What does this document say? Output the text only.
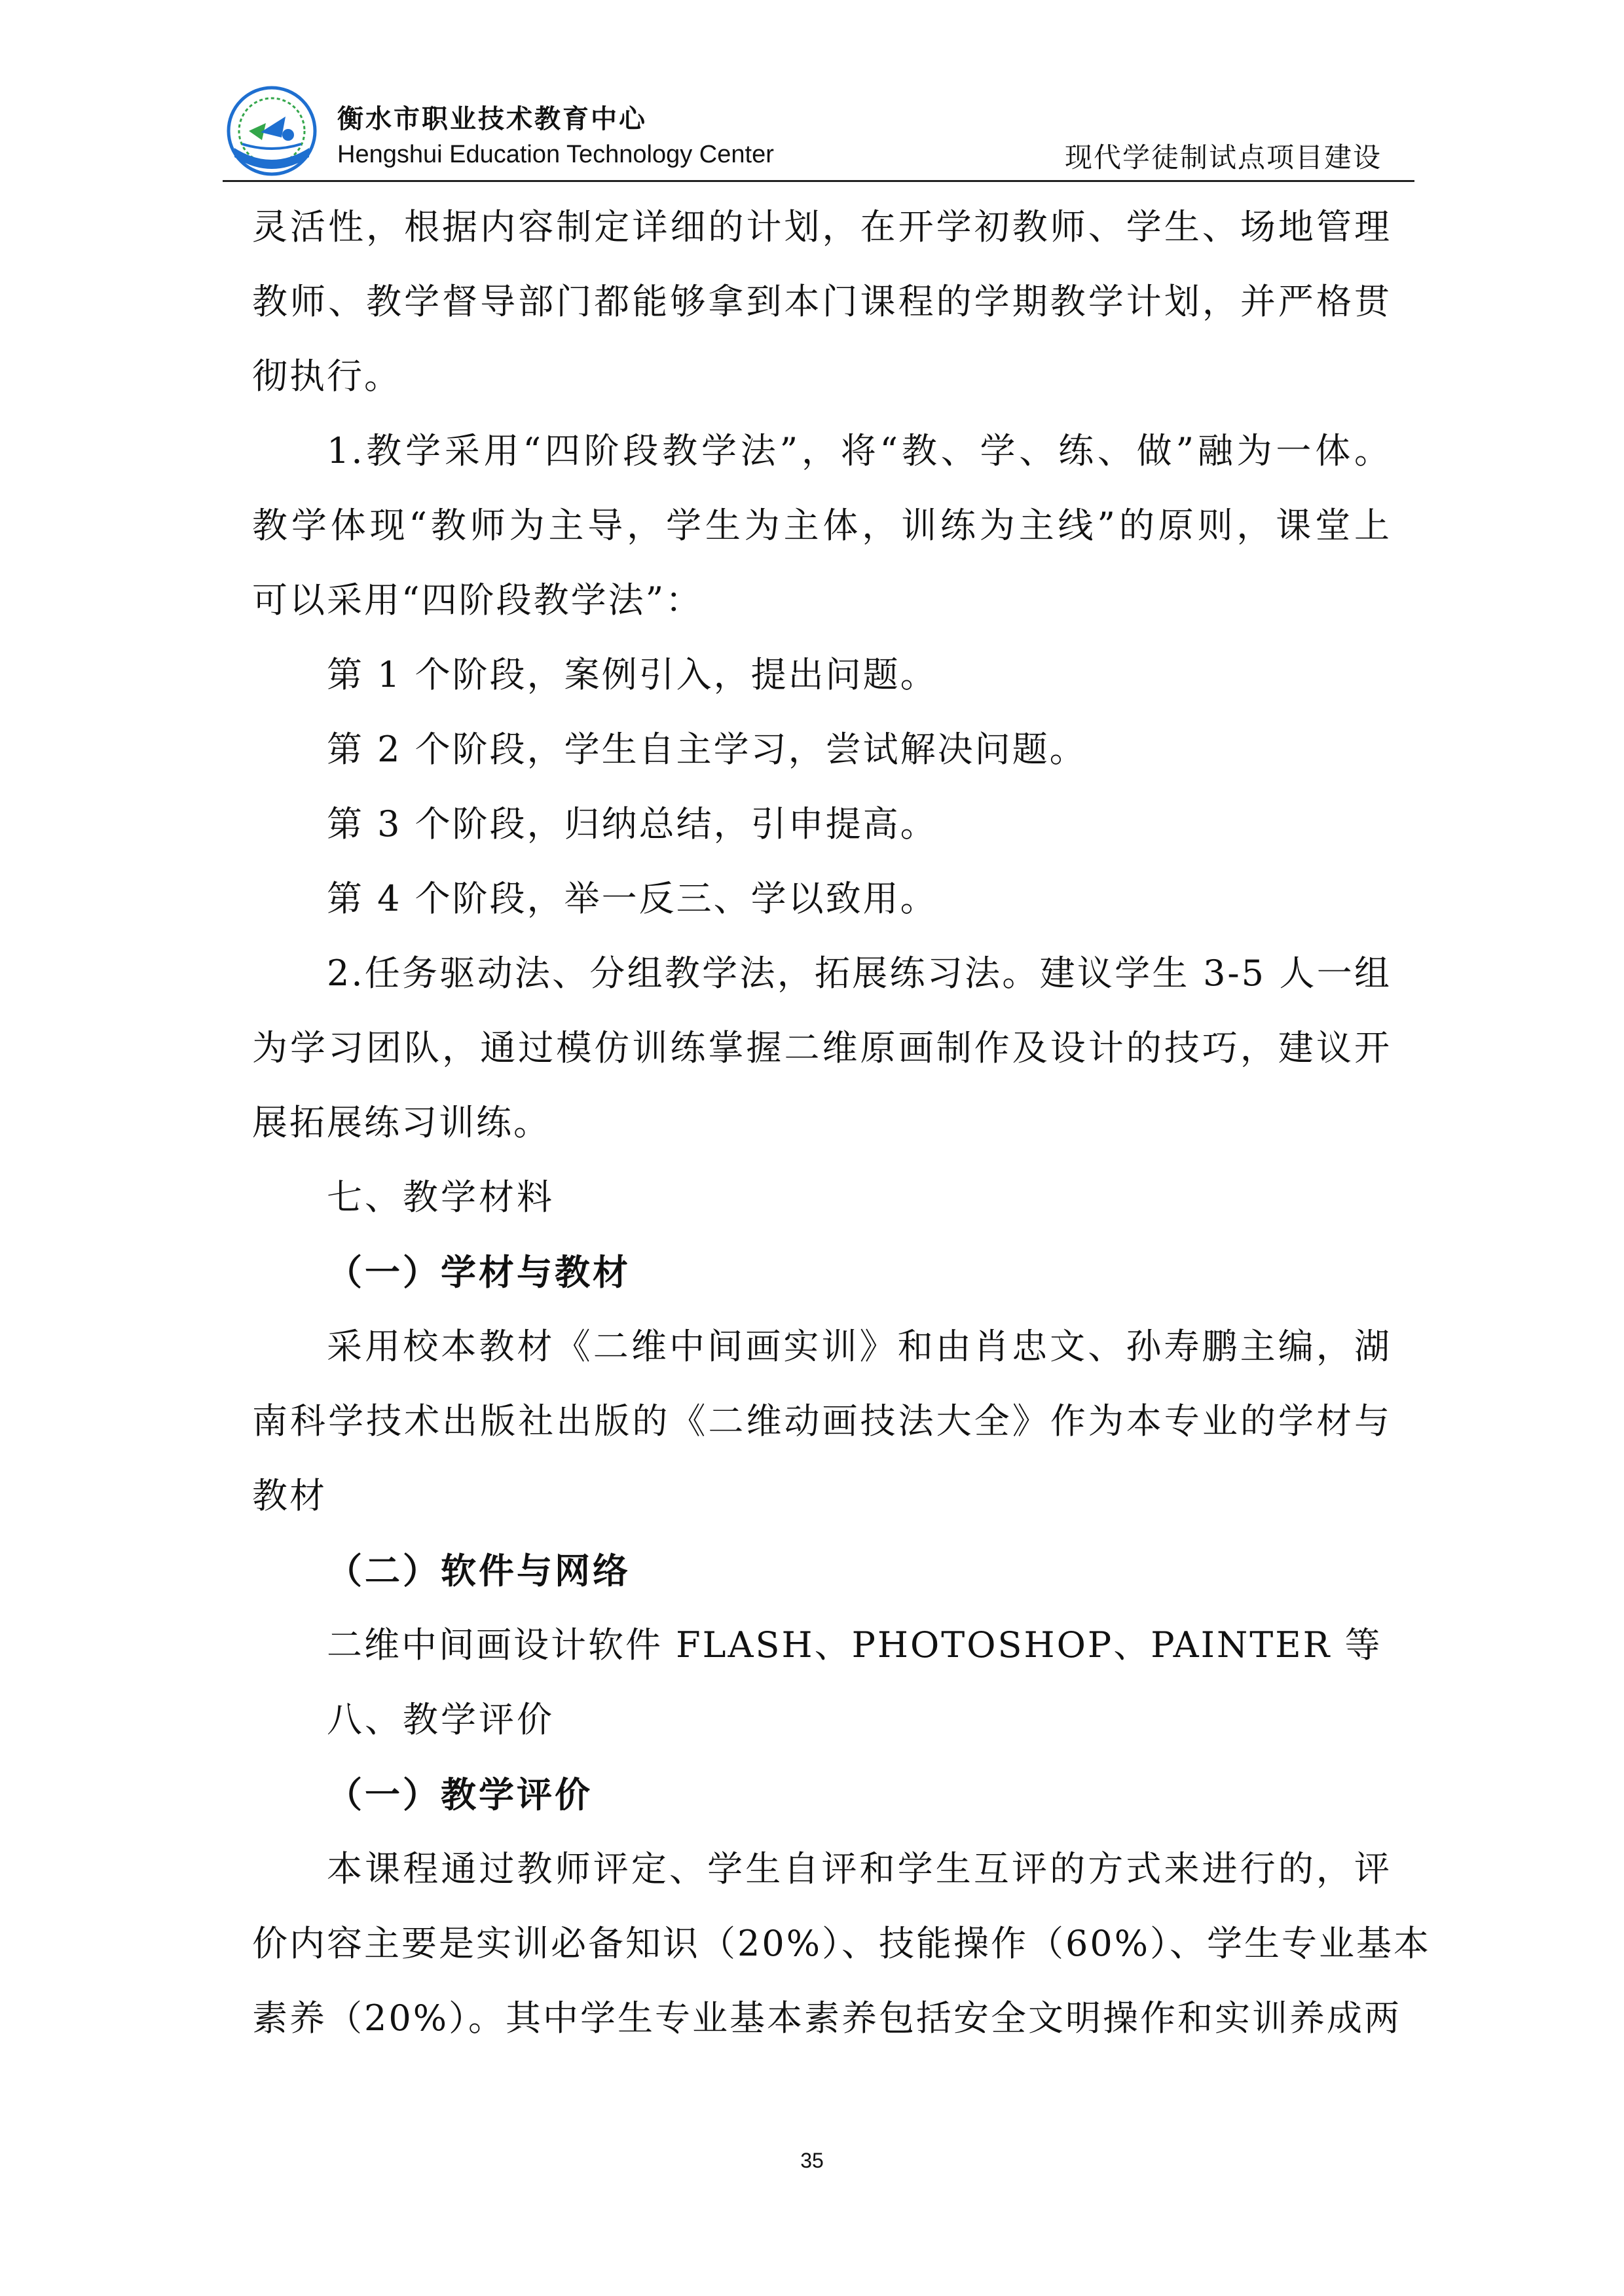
衡水市职业技术教育中心
Hengshui Education Technology Center	现代学徒制试点项目建设
灵活性，根据内容制定详细的计划，在开学初教师、学生、场地管理
教师、教学督导部门都能够拿到本门课程的学期教学计划，并严格贯
彻执行。
1.教学采用“四阶段教学法”，将“教、学、练、做”融为一体。
教学体现“教师为主导，学生为主体，训练为主线”的原则，课堂上
可以采用“四阶段教学法”：
第 1 个阶段，案例引入，提出问题。
第 2 个阶段，学生自主学习，尝试解决问题。
第 3 个阶段，归纳总结，引申提高。
第 4 个阶段，举一反三、学以致用。
2.任务驱动法、分组教学法，拓展练习法。建议学生 3-5 人一组
为学习团队，通过模仿训练掌握二维原画制作及设计的技巧，建议开
展拓展练习训练。
七、教学材料
（一）学材与教材
采用校本教材《二维中间画实训》和由肖忠文、孙寿鹏主编，湖
南科学技术出版社出版的《二维动画技法大全》作为本专业的学材与
教材
（二）软件与网络
二维中间画设计软件 FLASH、PHOTOSHOP、PAINTER 等
八、教学评价
（一）教学评价
本课程通过教师评定、学生自评和学生互评的方式来进行的，评
价内容主要是实训必备知识（20%）、技能操作（60%）、学生专业基本
素养（20%）。其中学生专业基本素养包括安全文明操作和实训养成两
35
